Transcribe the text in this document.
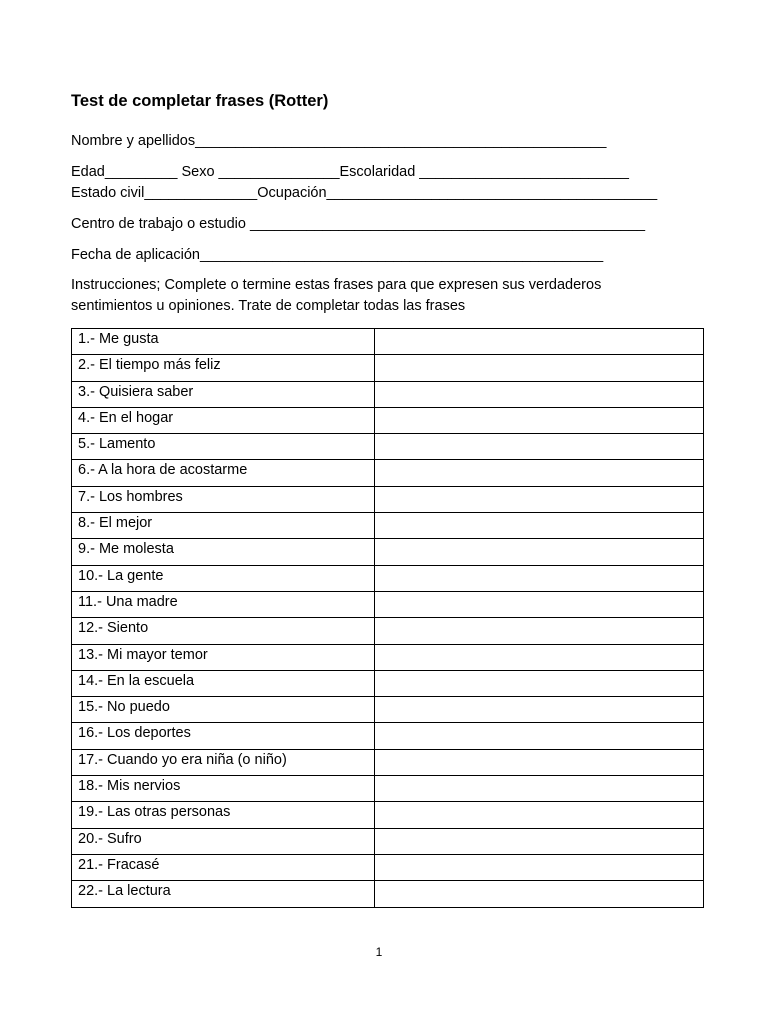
Test de completar frases (Rotter)
Nombre y apellidos___________________________________________________
Edad_________ Sexo _______________Escolaridad __________________________
Estado civil______________Ocupación_________________________________________
Centro de trabajo o estudio _________________________________________________
Fecha de aplicación__________________________________________________
Instrucciones; Complete o termine estas frases para que expresen sus verdaderos
sentimientos u opiniones. Trate de completar todas las frases
1.- Me gusta	
2.- El tiempo más feliz	
3.- Quisiera saber	
4.- En el hogar	
5.- Lamento	
6.- A la hora de acostarme	
7.- Los hombres	
8.- El mejor	
9.- Me molesta	
10.- La gente	
11.- Una madre	
12.- Siento	
13.- Mi mayor temor	
14.- En la escuela	
15.- No puedo	
16.- Los deportes	
17.- Cuando yo era niña (o niño)	
18.- Mis nervios	
19.- Las otras personas	
20.- Sufro	
21.- Fracasé	
22.- La lectura	
1
